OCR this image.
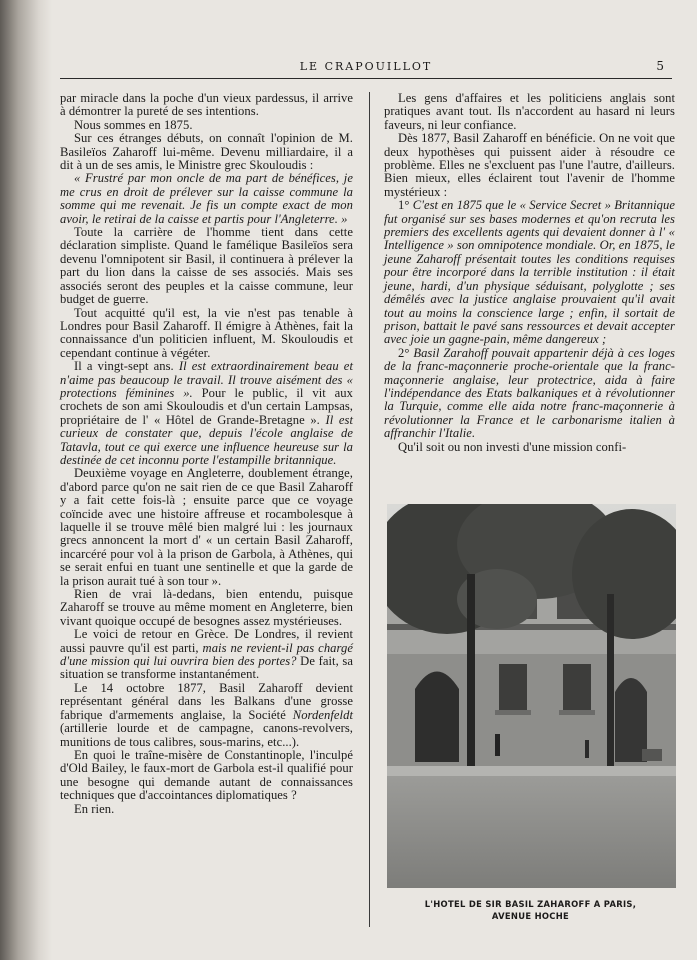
LE CRAPOUILLOT	5

par miracle dans la poche d'un vieux pardessus, il arrive à démontrer la pureté de ses intentions.

Nous sommes en 1875.

Sur ces étranges débuts, on connaît l'opinion de M. Basileïos Zaharoff lui-même. Devenu milliardaire, il a dit à un de ses amis, le Ministre grec Skouloudis :

« Frustré par mon oncle de ma part de bénéfices, je me crus en droit de prélever sur la caisse commune la somme qui me revenait. Je fis un compte exact de mon avoir, le retirai de la caisse et partis pour l'Angleterre. »

Toute la carrière de l'homme tient dans cette déclaration simpliste. Quand le famélique Basileïos sera devenu l'omnipotent sir Basil, il continuera à prélever la part du lion dans la caisse de ses associés. Mais ses associés seront des peuples et la caisse commune, leur budget de guerre.

Tout acquitté qu'il est, la vie n'est pas tenable à Londres pour Basil Zaharoff. Il émigre à Athènes, fait la connaissance d'un politicien influent, M. Skouloudis et cependant continue à végéter.

Il a vingt-sept ans. Il est extraordinairement beau et n'aime pas beaucoup le travail. Il trouve aisément des « protections féminines ». Pour le public, il vit aux crochets de son ami Skouloudis et d'un certain Lampsas, propriétaire de l' « Hôtel de Grande-Bretagne ». Il est curieux de constater que, depuis l'école anglaise de Tatavla, tout ce qui exerce une influence heureuse sur la destinée de cet inconnu porte l'estampille britannique.

Deuxième voyage en Angleterre, doublement étrange, d'abord parce qu'on ne sait rien de ce que Basil Zaharoff y a fait cette fois-là ; ensuite parce que ce voyage coïncide avec une histoire affreuse et rocambolesque à laquelle il se trouve mêlé bien malgré lui : les journaux grecs annoncent la mort d' « un certain Basil Zaharoff, incarcéré pour vol à la prison de Garbola, à Athènes, qui se serait enfui en tuant une sentinelle et que la garde de la prison aurait tué à son tour ».

Rien de vrai là-dedans, bien entendu, puisque Zaharoff se trouve au même moment en Angleterre, bien vivant quoique occupé de besognes assez mystérieuses.

Le voici de retour en Grèce. De Londres, il revient aussi pauvre qu'il est parti, mais ne revient-il pas chargé d'une mission qui lui ouvrira bien des portes? De fait, sa situation se transforme instantanément.

Le 14 octobre 1877, Basil Zaharoff devient représentant général dans les Balkans d'une grosse fabrique d'armements anglaise, la Société Nordenfeldt (artillerie lourde et de campagne, canons-revolvers, munitions de tous calibres, sous-marins, etc...).

En quoi le traîne-misère de Constantinople, l'inculpé d'Old Bailey, le faux-mort de Garbola est-il qualifié pour une besogne qui demande autant de connaissances techniques que d'accointances diplomatiques ?

En rien.

Les gens d'affaires et les politiciens anglais sont pratiques avant tout. Ils n'accordent au hasard ni leurs faveurs, ni leur confiance.

Dès 1877, Basil Zaharoff en bénéficie. On ne voit que deux hypothèses qui puissent aider à résoudre ce problème. Elles ne s'excluent pas l'une l'autre, d'ailleurs. Bien mieux, elles éclairent tout l'avenir de l'homme mystérieux :

1° C'est en 1875 que le « Service Secret » Britannique fut organisé sur ses bases modernes et qu'on recruta les premiers des excellents agents qui devaient donner à l' « Intelligence » son omnipotence mondiale. Or, en 1875, le jeune Zaharoff présentait toutes les conditions requises pour être incorporé dans la terrible institution : il était jeune, hardi, d'un physique séduisant, polyglotte ; ses démêlés avec la justice anglaise prouvaient qu'il avait tout au moins la conscience large ; enfin, il sortait de prison, battait le pavé sans ressources et devait accepter avec joie un gagne-pain, même dangereux ;

2° Basil Zarahoff pouvait appartenir déjà à ces loges de la franc-maçonnerie proche-orientale que la franc-maçonnerie anglaise, leur protectrice, aida à faire l'indépendance des Etats balkaniques et à révolutionner la Turquie, comme elle aida notre franc-maçonnerie à révolutionner la France et le carbonarisme italien à affranchir l'Italie.

Qu'il soit ou non investi d'une mission confi-

L'HOTEL DE SIR BASIL ZAHAROFF A PARIS,
AVENUE HOCHE
